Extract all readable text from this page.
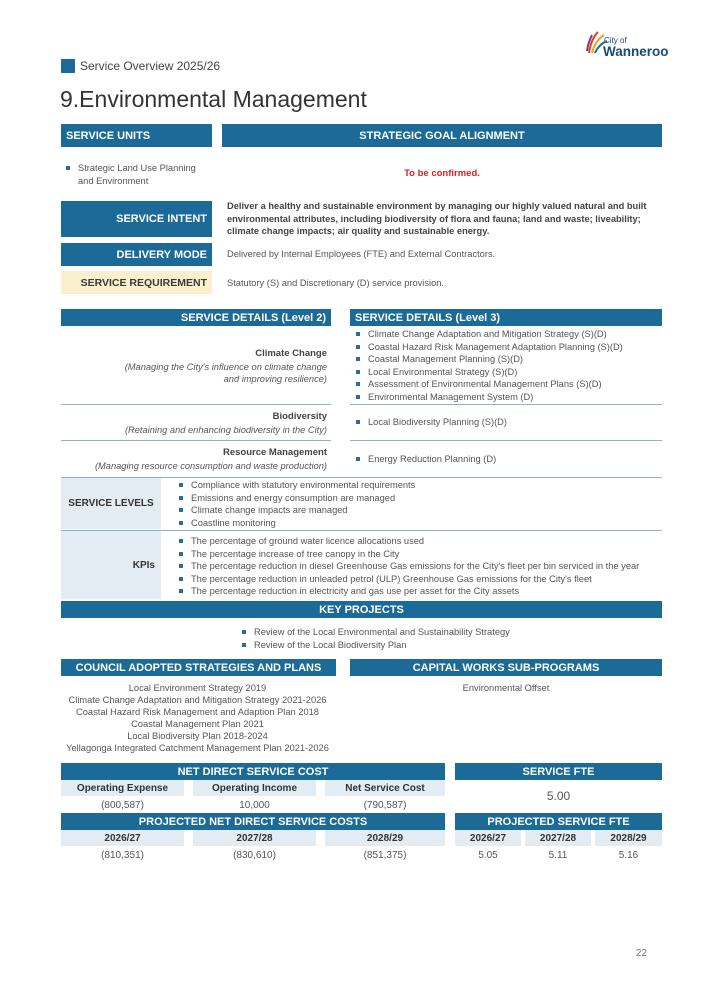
City of
Wanneroo
Service Overview 2025/26
9.Environmental Management
SERVICE UNITS	STRATEGIC GOAL ALIGNMENT
Strategic Land Use Planning and Environment
To be confirmed.
SERVICE INTENT
Deliver a healthy and sustainable environment by managing our highly valued natural and built environmental attributes, including biodiversity of flora and fauna; land and waste; liveability; climate change impacts; air quality and sustainable energy.
DELIVERY MODE	Delivered by Internal Employees (FTE) and External Contractors.
SERVICE REQUIREMENT	Statutory (S) and Discretionary (D) service provision.
SERVICE DETAILS (Level 2)	SERVICE DETAILS (Level 3)
Climate Change
(Managing the City's influence on climate change and improving resilience)
Climate Change Adaptation and Mitigation Strategy (S)(D)
Coastal Hazard Risk Management Adaptation Planning (S)(D)
Coastal Management Planning (S)(D)
Local Environmental Strategy (S)(D)
Assessment of Environmental Management Plans (S)(D)
Environmental Management System (D)
Biodiversity
(Retaining and enhancing biodiversity in the City)
Local Biodiversity Planning (S)(D)
Resource Management
(Managing resource consumption and waste production)
Energy Reduction Planning (D)
SERVICE LEVELS
Compliance with statutory environmental requirements
Emissions and energy consumption are managed
Climate change impacts are managed
Coastline monitoring
KPIs
The percentage of ground water licence allocations used
The percentage increase of tree canopy in the City
The percentage reduction in diesel Greenhouse Gas emissions for the City's fleet per bin serviced in the year
The percentage reduction in unleaded petrol (ULP) Greenhouse Gas emissions for the City's fleet
The percentage reduction in electricity and gas use per asset for the City assets
KEY PROJECTS
Review of the Local Environmental and Sustainability Strategy
Review of the Local Biodiversity Plan
COUNCIL ADOPTED STRATEGIES AND PLANS	CAPITAL WORKS SUB-PROGRAMS
Local Environment Strategy 2019
Climate Change Adaptation and Mitigation Strategy 2021-2026
Coastal Hazard Risk Management and Adaption Plan 2018
Coastal Management Plan 2021
Local Biodiversity Plan 2018-2024
Yellagonga Integrated Catchment Management Plan 2021-2026
Environmental Offset
NET DIRECT SERVICE COST
Operating Expense	Operating Income	Net Service Cost
(800,587)	10,000	(790,587)
SERVICE FTE
5.00
PROJECTED NET DIRECT SERVICE COSTS
2026/27	2027/28	2028/29
(810,351)	(830,610)	(851,375)
PROJECTED SERVICE FTE
2026/27	2027/28	2028/29
5.05	5.11	5.16
22
